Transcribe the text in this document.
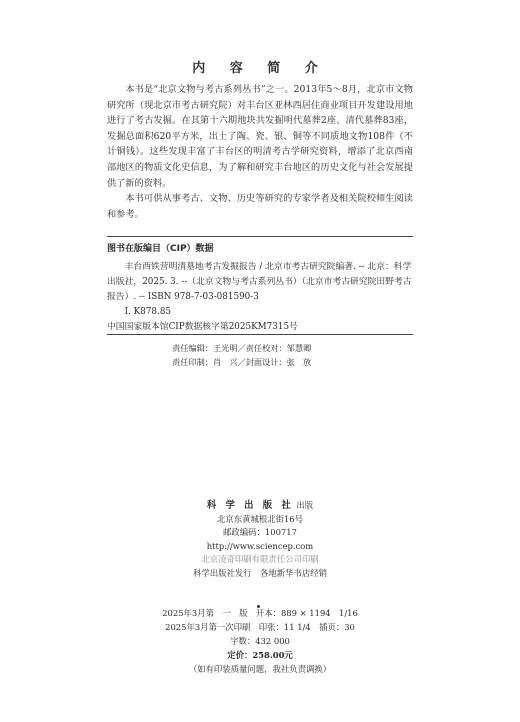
内 容 简 介

本书是“北京文物与考古系列丛书”之一。2013年5～8月，北京市文物研究所（现北京市考古研究院）对丰台区亚林西居住商业项目开发建设用地进行了考古发掘。在其第十六期地块共发掘明代墓葬2座、清代墓葬83座，发掘总面积620平方米，出土了陶、瓷、银、铜等不同质地文物108件（不计铜钱）。这些发现丰富了丰台区的明清考古学研究资料，增添了北京西南部地区的物质文化史信息，为了解和研究丰台地区的历史文化与社会发展提供了新的资料。

本书可供从事考古、文物、历史等研究的专家学者及相关院校师生阅读和参考。

图书在版编目（CIP）数据

丰台西铁营明清墓地考古发掘报告 / 北京市考古研究院编著. -- 北京：科学出版社，2025. 3. --（北京文物与考古系列丛书）（北京市考古研究院田野考古报告）. -- ISBN 978-7-03-081590-3

Ⅰ. K878.85

中国国家版本馆CIP数据核字第2025KM7315号

责任编辑：王光明／责任校对：邹慧卿
责任印制：肖　兴／封面设计：张　放
科 学 出 版 社 出版
北京东黄城根北街16号
邮政编码：100717
http://www.sciencep.com
北京凌奇印刷有限责任公司印刷
科学出版社发行　各地新华书店经销
2025年3月第　一　版　开本：889 × 1194　1/16
2025年3月第一次印刷　印张：11 1/4　插页：30
字数：432 000
定价：258.00元
（如有印装质量问题，我社负责调换）
